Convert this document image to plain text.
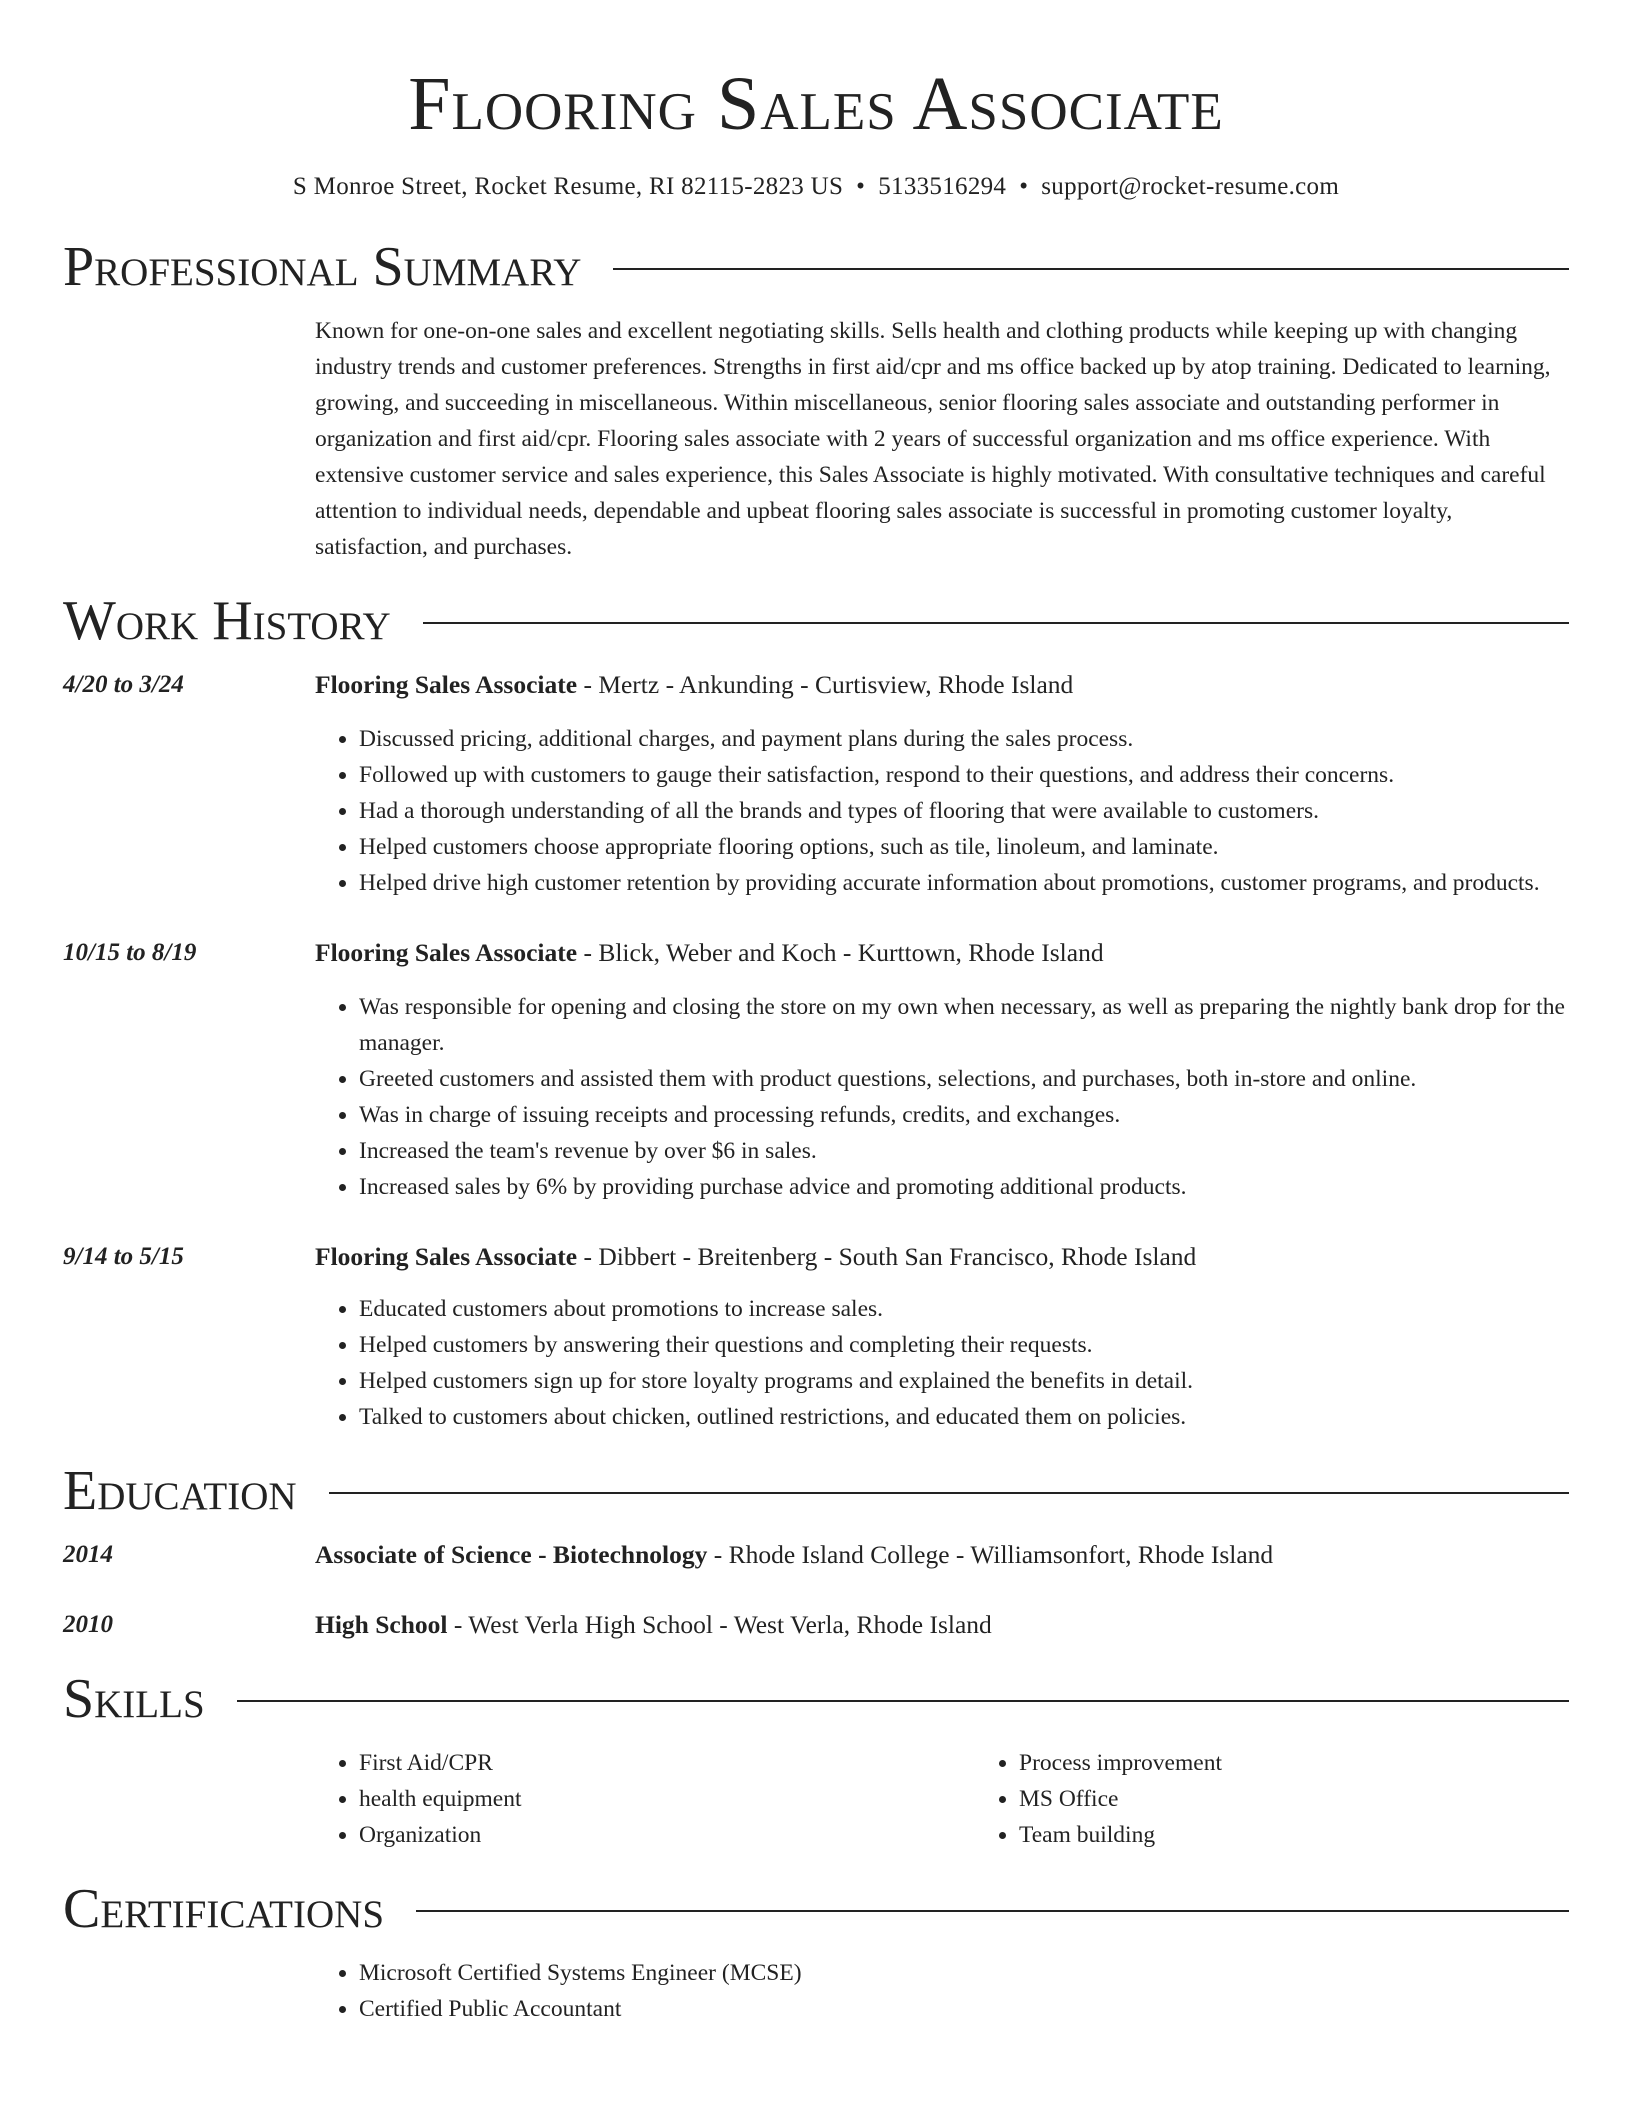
Flooring Sales Associate
S Monroe Street, Rocket Resume, RI 82115-2823 US • 5133516294 • support@rocket-resume.com
Professional Summary
Known for one-on-one sales and excellent negotiating skills. Sells health and clothing products while keeping up with changing industry trends and customer preferences. Strengths in first aid/cpr and ms office backed up by atop training. Dedicated to learning, growing, and succeeding in miscellaneous. Within miscellaneous, senior flooring sales associate and outstanding performer in organization and first aid/cpr. Flooring sales associate with 2 years of successful organization and ms office experience. With extensive customer service and sales experience, this Sales Associate is highly motivated. With consultative techniques and careful attention to individual needs, dependable and upbeat flooring sales associate is successful in promoting customer loyalty, satisfaction, and purchases.
Work History
4/20 to 3/24	Flooring Sales Associate - Mertz - Ankunding - Curtisview, Rhode Island
• Discussed pricing, additional charges, and payment plans during the sales process.
• Followed up with customers to gauge their satisfaction, respond to their questions, and address their concerns.
• Had a thorough understanding of all the brands and types of flooring that were available to customers.
• Helped customers choose appropriate flooring options, such as tile, linoleum, and laminate.
• Helped drive high customer retention by providing accurate information about promotions, customer programs, and products.
10/15 to 8/19	Flooring Sales Associate - Blick, Weber and Koch - Kurttown, Rhode Island
• Was responsible for opening and closing the store on my own when necessary, as well as preparing the nightly bank drop for the manager.
• Greeted customers and assisted them with product questions, selections, and purchases, both in-store and online.
• Was in charge of issuing receipts and processing refunds, credits, and exchanges.
• Increased the team's revenue by over $6 in sales.
• Increased sales by 6% by providing purchase advice and promoting additional products.
9/14 to 5/15	Flooring Sales Associate - Dibbert - Breitenberg - South San Francisco, Rhode Island
• Educated customers about promotions to increase sales.
• Helped customers by answering their questions and completing their requests.
• Helped customers sign up for store loyalty programs and explained the benefits in detail.
• Talked to customers about chicken, outlined restrictions, and educated them on policies.
Education
2014	Associate of Science - Biotechnology - Rhode Island College - Williamsonfort, Rhode Island
2010	High School - West Verla High School - West Verla, Rhode Island
Skills
• First Aid/CPR
• health equipment
• Organization
• Process improvement
• MS Office
• Team building
Certifications
• Microsoft Certified Systems Engineer (MCSE)
• Certified Public Accountant
